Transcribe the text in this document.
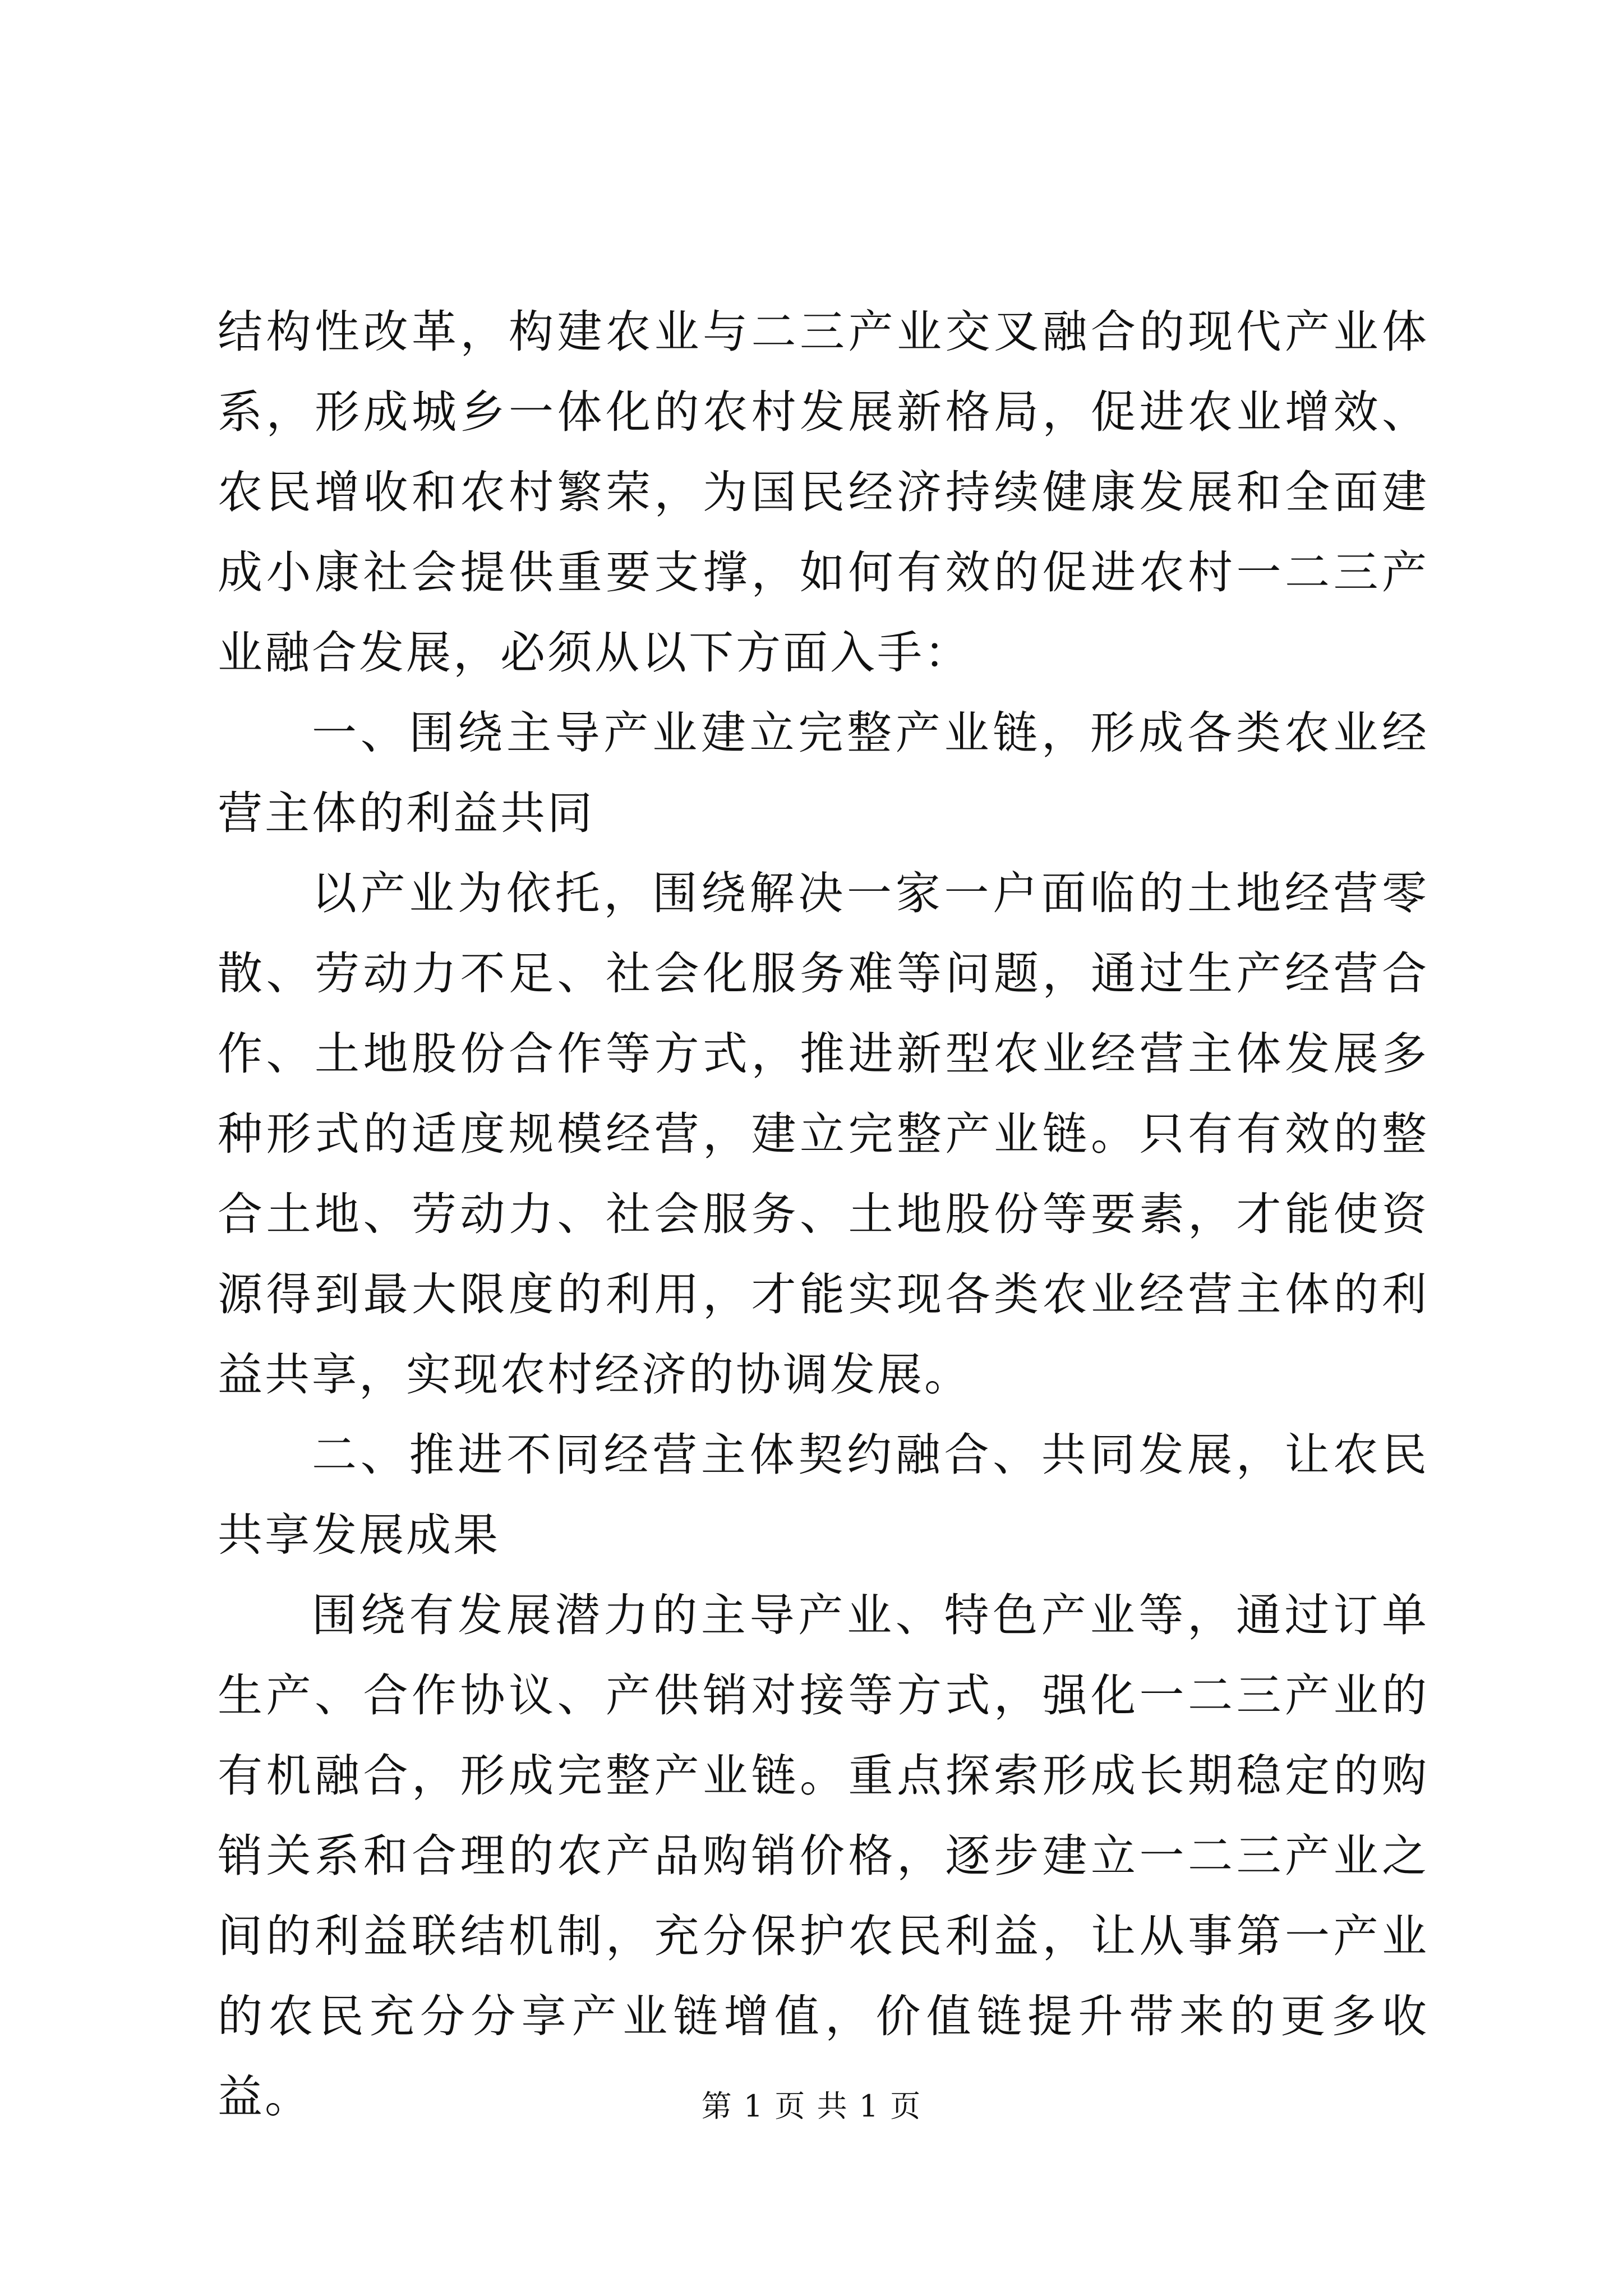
结构性改革，构建农业与二三产业交叉融合的现代产业体系，形成城乡一体化的农村发展新格局，促进农业增效、农民增收和农村繁荣，为国民经济持续健康发展和全面建成小康社会提供重要支撑，如何有效的促进农村一二三产业融合发展，必须从以下方面入手：

一、围绕主导产业建立完整产业链，形成各类农业经营主体的利益共同

以产业为依托，围绕解决一家一户面临的土地经营零散、劳动力不足、社会化服务难等问题，通过生产经营合作、土地股份合作等方式，推进新型农业经营主体发展多种形式的适度规模经营，建立完整产业链。只有有效的整合土地、劳动力、社会服务、土地股份等要素，才能使资源得到最大限度的利用，才能实现各类农业经营主体的利益共享，实现农村经济的协调发展。

二、推进不同经营主体契约融合、共同发展，让农民共享发展成果

围绕有发展潜力的主导产业、特色产业等，通过订单生产、合作协议、产供销对接等方式，强化一二三产业的有机融合，形成完整产业链。重点探索形成长期稳定的购销关系和合理的农产品购销价格，逐步建立一二三产业之间的利益联结机制，充分保护农民利益，让从事第一产业的农民充分分享产业链增值，价值链提升带来的更多收益。	第 1 页 共 1 页
